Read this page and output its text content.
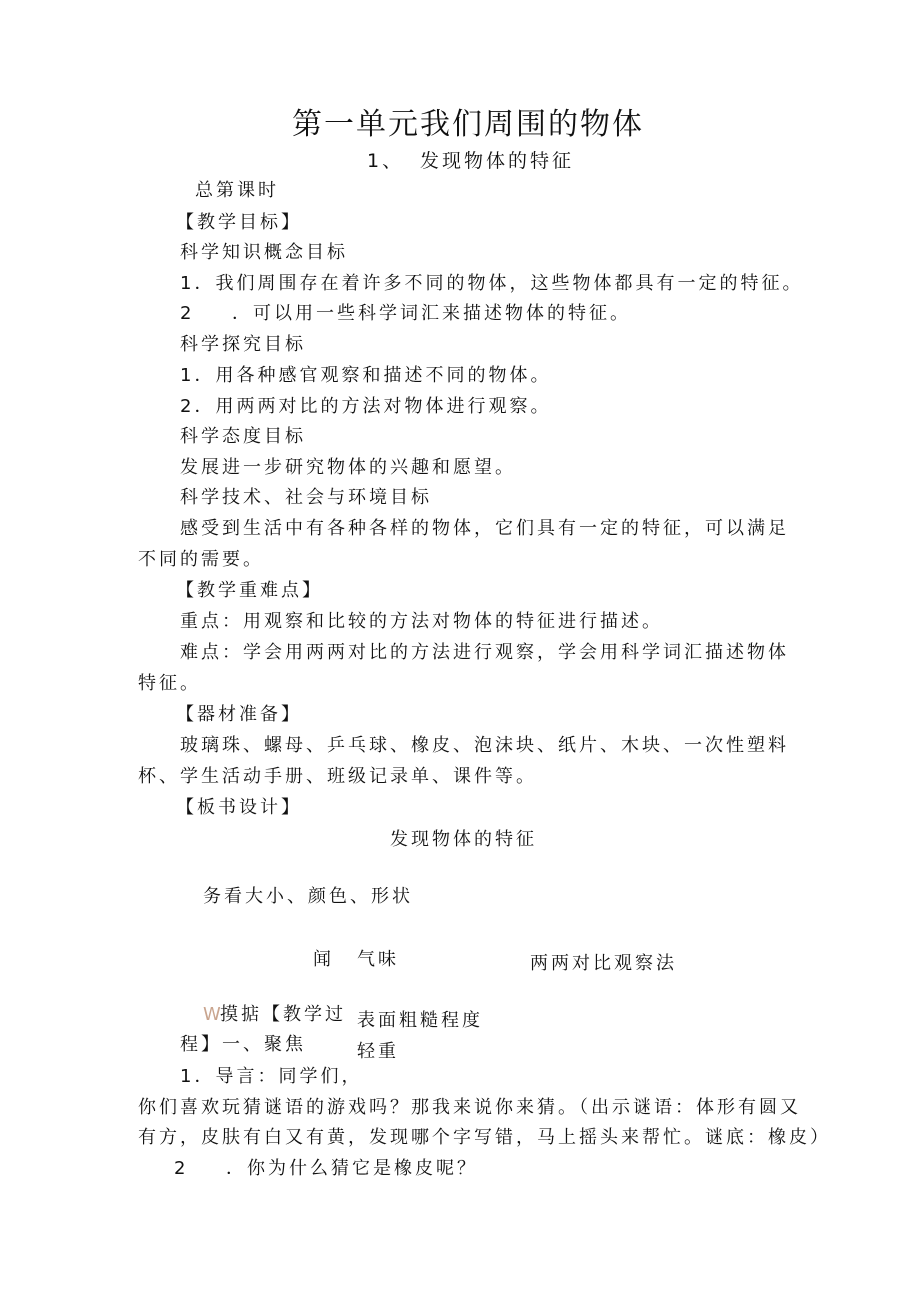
第一单元我们周围的物体
1、 发现物体的特征
总第课时
【教学目标】
科学知识概念目标
1．我们周围存在着许多不同的物体，这些物体都具有一定的特征。
2 ．可以用一些科学词汇来描述物体的特征。
科学探究目标
1．用各种感官观察和描述不同的物体。
2．用两两对比的方法对物体进行观察。
科学态度目标
发展进一步研究物体的兴趣和愿望。
科学技术、社会与环境目标
感受到生活中有各种各样的物体，它们具有一定的特征，可以满足
不同的需要。
【教学重难点】
重点：用观察和比较的方法对物体的特征进行描述。
难点：学会用两两对比的方法进行观察，学会用科学词汇描述物体
特征。
【器材准备】
玻璃珠、螺母、乒乓球、橡皮、泡沫块、纸片、木块、一次性塑料
杯、学生活动手册、班级记录单、课件等。
【板书设计】
发现物体的特征
务看大小、颜色、形状
闻 气味	两两对比观察法
W
摸掂【教学过 表面粗糙程度
程】一、聚焦	轻重
1．导言：同学们，
你们喜欢玩猜谜语的游戏吗？那我来说你来猜。（出示谜语：体形有圆又
有方，皮肤有白又有黄，发现哪个字写错，马上摇头来帮忙。谜底：橡皮）
2 ．你为什么猜它是橡皮呢？
